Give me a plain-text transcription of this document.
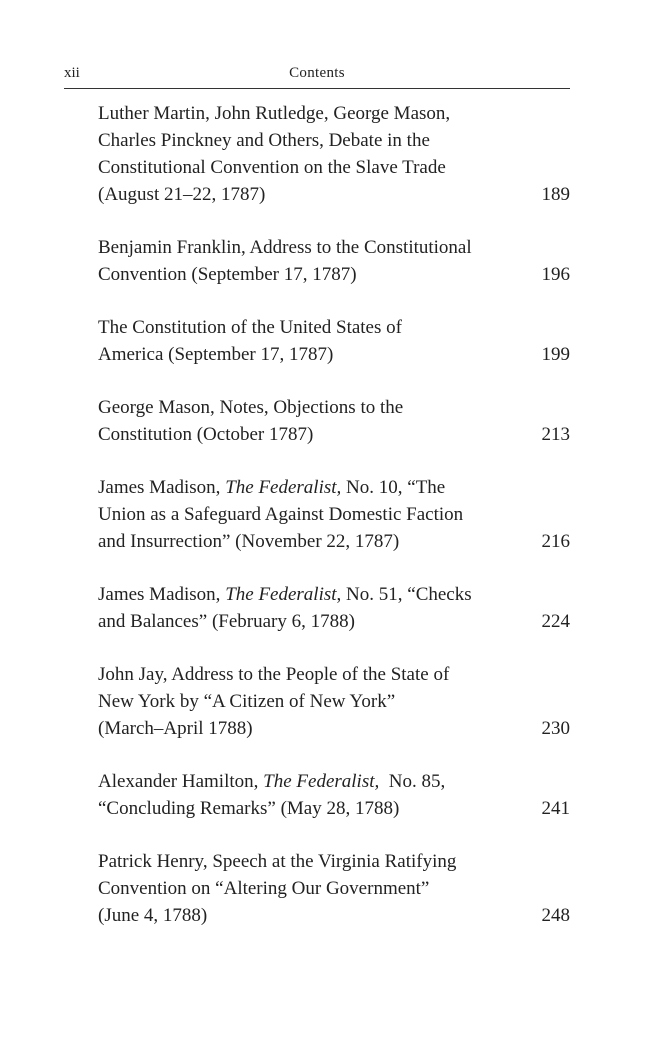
xii	Contents
Luther Martin, John Rutledge, George Mason,
Charles Pinckney and Others, Debate in the
Constitutional Convention on the Slave Trade
(August 21–22, 1787)	189
Benjamin Franklin, Address to the Constitutional
Convention (September 17, 1787)	196
The Constitution of the United States of
America (September 17, 1787)	199
George Mason, Notes, Objections to the
Constitution (October 1787)	213
James Madison, The Federalist, No. 10, “The
Union as a Safeguard Against Domestic Faction
and Insurrection” (November 22, 1787)	216
James Madison, The Federalist, No. 51, “Checks
and Balances” (February 6, 1788)	224
John Jay, Address to the People of the State of
New York by “A Citizen of New York”
(March–April 1788)	230
Alexander Hamilton, The Federalist,  No. 85,
“Concluding Remarks” (May 28, 1788)	241
Patrick Henry, Speech at the Virginia Ratifying
Convention on “Altering Our Government”
(June 4, 1788)	248
